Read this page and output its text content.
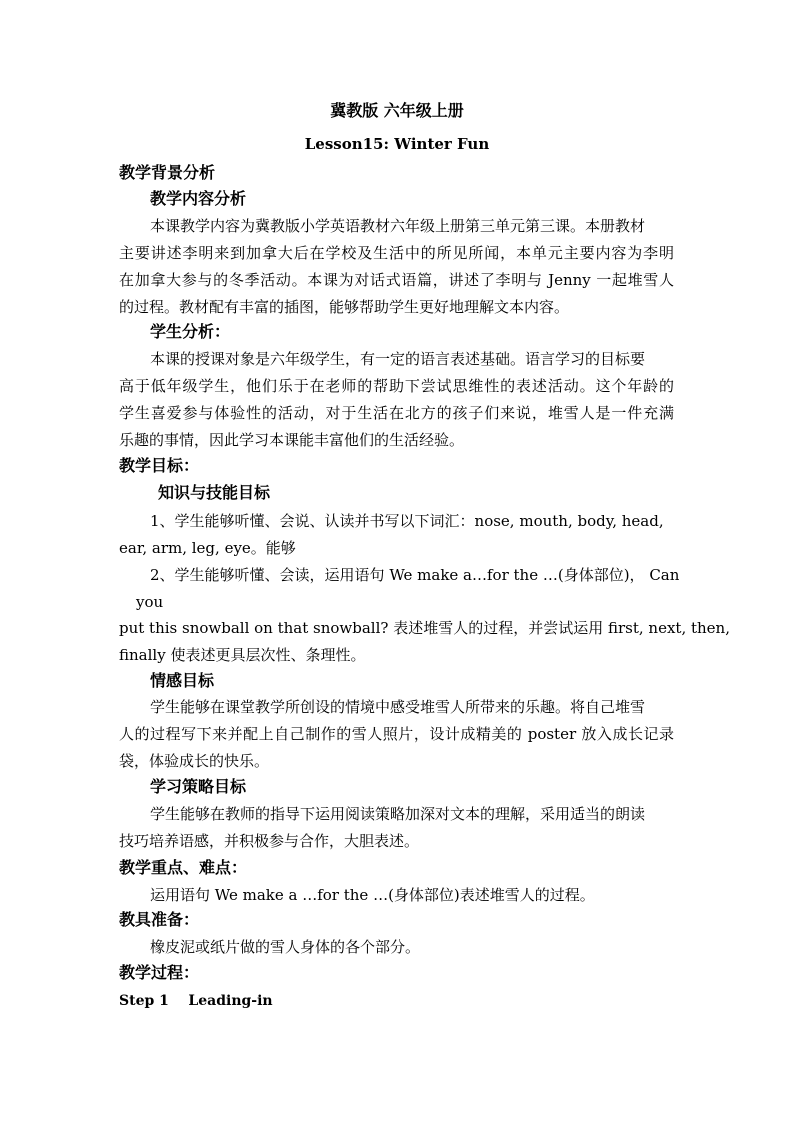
冀教版 六年级上册
Lesson15: Winter Fun
教学背景分析
教学内容分析
本课教学内容为冀教版小学英语教材六年级上册第三单元第三课。本册教材
主要讲述李明来到加拿大后在学校及生活中的所见所闻，本单元主要内容为李明
在加拿大参与的冬季活动。本课为对话式语篇，讲述了李明与 Jenny 一起堆雪人
的过程。教材配有丰富的插图，能够帮助学生更好地理解文本内容。
学生分析：
本课的授课对象是六年级学生，有一定的语言表述基础。语言学习的目标要
高于低年级学生，他们乐于在老师的帮助下尝试思维性的表述活动。这个年龄的
学生喜爱参与体验性的活动，对于生活在北方的孩子们来说，堆雪人是一件充满
乐趣的事情，因此学习本课能丰富他们的生活经验。
教学目标：
知识与技能目标
1、学生能够听懂、会说、认读并书写以下词汇：nose, mouth, body, head,
ear, arm, leg, eye。能够
2、学生能够听懂、会读，运用语句 We make a…for the …(身体部位)， Can
you
put this snowball on that snowball? 表述堆雪人的过程，并尝试运用 first, next, then,
finally 使表述更具层次性、条理性。
情感目标
学生能够在课堂教学所创设的情境中感受堆雪人所带来的乐趣。将自己堆雪
人的过程写下来并配上自己制作的雪人照片，设计成精美的 poster 放入成长记录
袋，体验成长的快乐。
学习策略目标
学生能够在教师的指导下运用阅读策略加深对文本的理解，采用适当的朗读
技巧培养语感，并积极参与合作，大胆表述。
教学重点、难点：
运用语句 We make a …for the …(身体部位)表述堆雪人的过程。
教具准备：
橡皮泥或纸片做的雪人身体的各个部分。
教学过程：
Step 1    Leading-in
